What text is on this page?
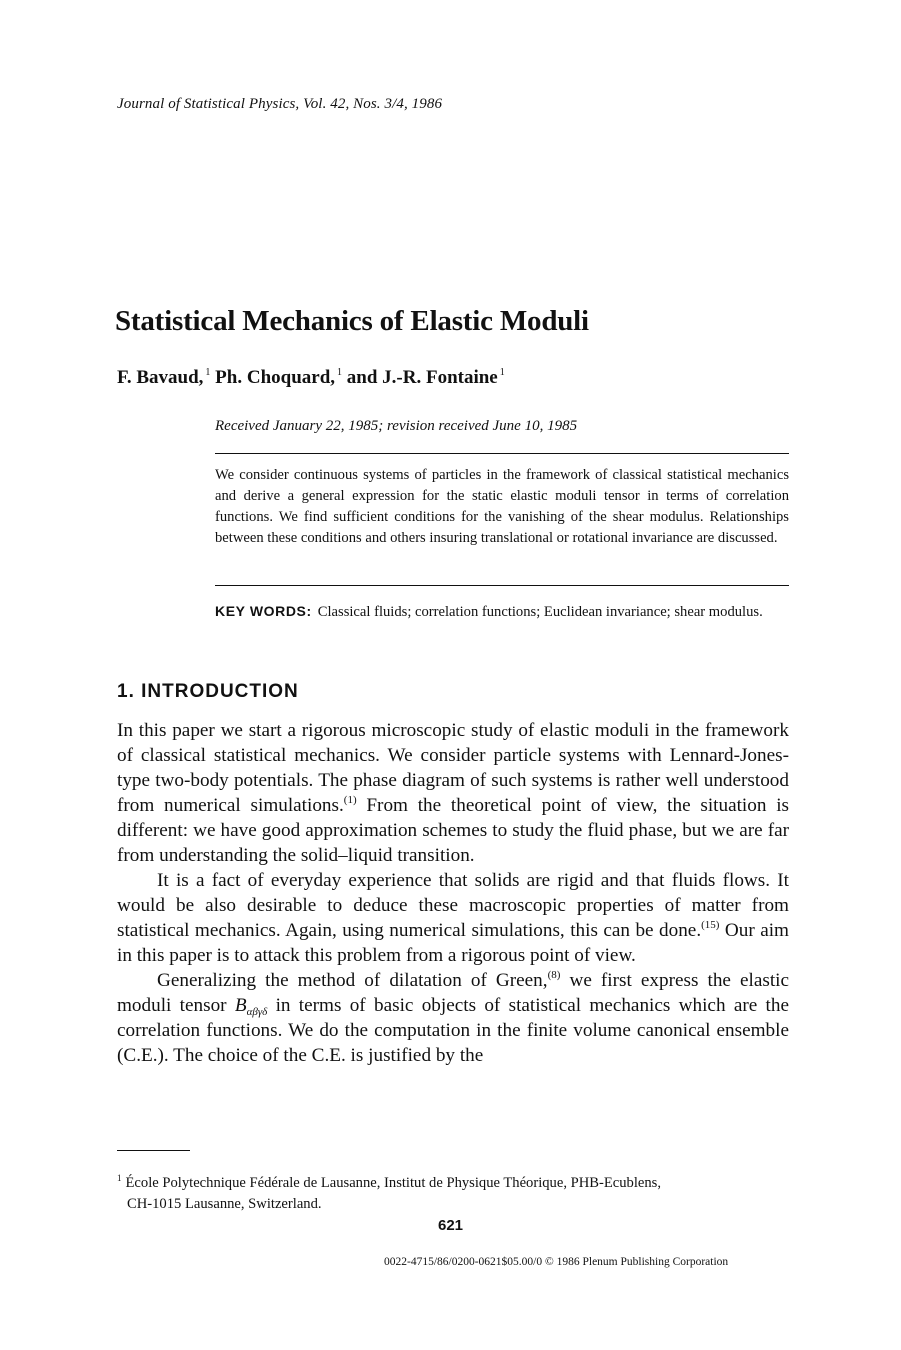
Journal of Statistical Physics, Vol. 42, Nos. 3/4, 1986
Statistical Mechanics of Elastic Moduli
F. Bavaud, $^1$ Ph. Choquard, $^1$ and J.-R. Fontaine $^1$
Received January 22, 1985; revision received June 10, 1985
We consider continuous systems of particles in the framework of classical statistical mechanics and derive a general expression for the static elastic moduli tensor in terms of correlation functions. We find sufficient conditions for the vanishing of the shear modulus. Relationships between these conditions and others insuring translational or rotational invariance are discussed.
KEY WORDS: Classical fluids; correlation functions; Euclidean invariance; shear modulus.
1. INTRODUCTION

In this paper we start a rigorous microscopic study of elastic moduli in the framework of classical statistical mechanics. We consider particle systems with Lennard-Jones-type two-body potentials. The phase diagram of such systems is rather well understood from numerical simulations.$^{(1)}$ From the theoretical point of view, the situation is different: we have good approximation schemes to study the fluid phase, but we are far from understanding the solid–liquid transition.

It is a fact of everyday experience that solids are rigid and that fluids flows. It would be also desirable to deduce these macroscopic properties of matter from statistical mechanics. Again, using numerical simulations, this can be done.$^{(15)}$ Our aim in this paper is to attack this problem from a rigorous point of view.

Generalizing the method of dilatation of Green,$^{(8)}$ we first express the elastic moduli tensor $B_{\alpha\beta\gamma\delta}$ in terms of basic objects of statistical mechanics which are the correlation functions. We do the computation in the finite volume canonical ensemble (C.E.). The choice of the C.E. is justified by the

$^1$ École Polytechnique Fédérale de Lausanne, Institut de Physique Théorique, PHB-Ecublens,
CH-1015 Lausanne, Switzerland.
621
0022-4715/86/0200-0621$05.00/0 © 1986 Plenum Publishing Corporation
